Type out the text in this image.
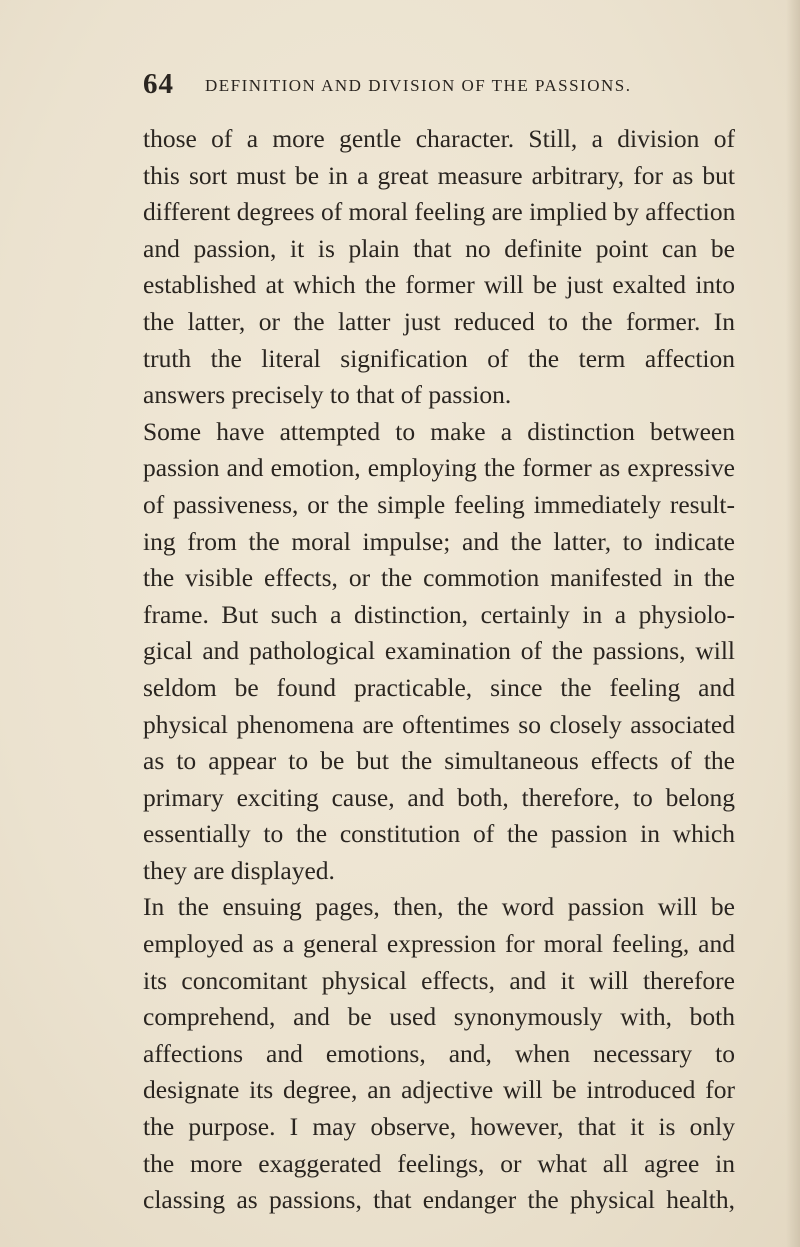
64 DEFINITION AND DIVISION OF THE PASSIONS.
those of a more gentle character. Still, a division of
this sort must be in a great measure arbitrary, for as but
different degrees of moral feeling are implied by affection
and passion, it is plain that no definite point can be
established at which the former will be just exalted into
the latter, or the latter just reduced to the former. In
truth the literal signification of the term affection
answers precisely to that of passion.
Some have attempted to make a distinction between
passion and emotion, employing the former as expressive
of passiveness, or the simple feeling immediately result-
ing from the moral impulse; and the latter, to indicate
the visible effects, or the commotion manifested in the
frame. But such a distinction, certainly in a physiolo-
gical and pathological examination of the passions, will
seldom be found practicable, since the feeling and
physical phenomena are oftentimes so closely associated
as to appear to be but the simultaneous effects of the
primary exciting cause, and both, therefore, to belong
essentially to the constitution of the passion in which
they are displayed.
In the ensuing pages, then, the word passion will be
employed as a general expression for moral feeling, and
its concomitant physical effects, and it will therefore
comprehend, and be used synonymously with, both
affections and emotions, and, when necessary to
designate its degree, an adjective will be introduced for
the purpose. I may observe, however, that it is only
the more exaggerated feelings, or what all agree in
classing as passions, that endanger the physical health,
